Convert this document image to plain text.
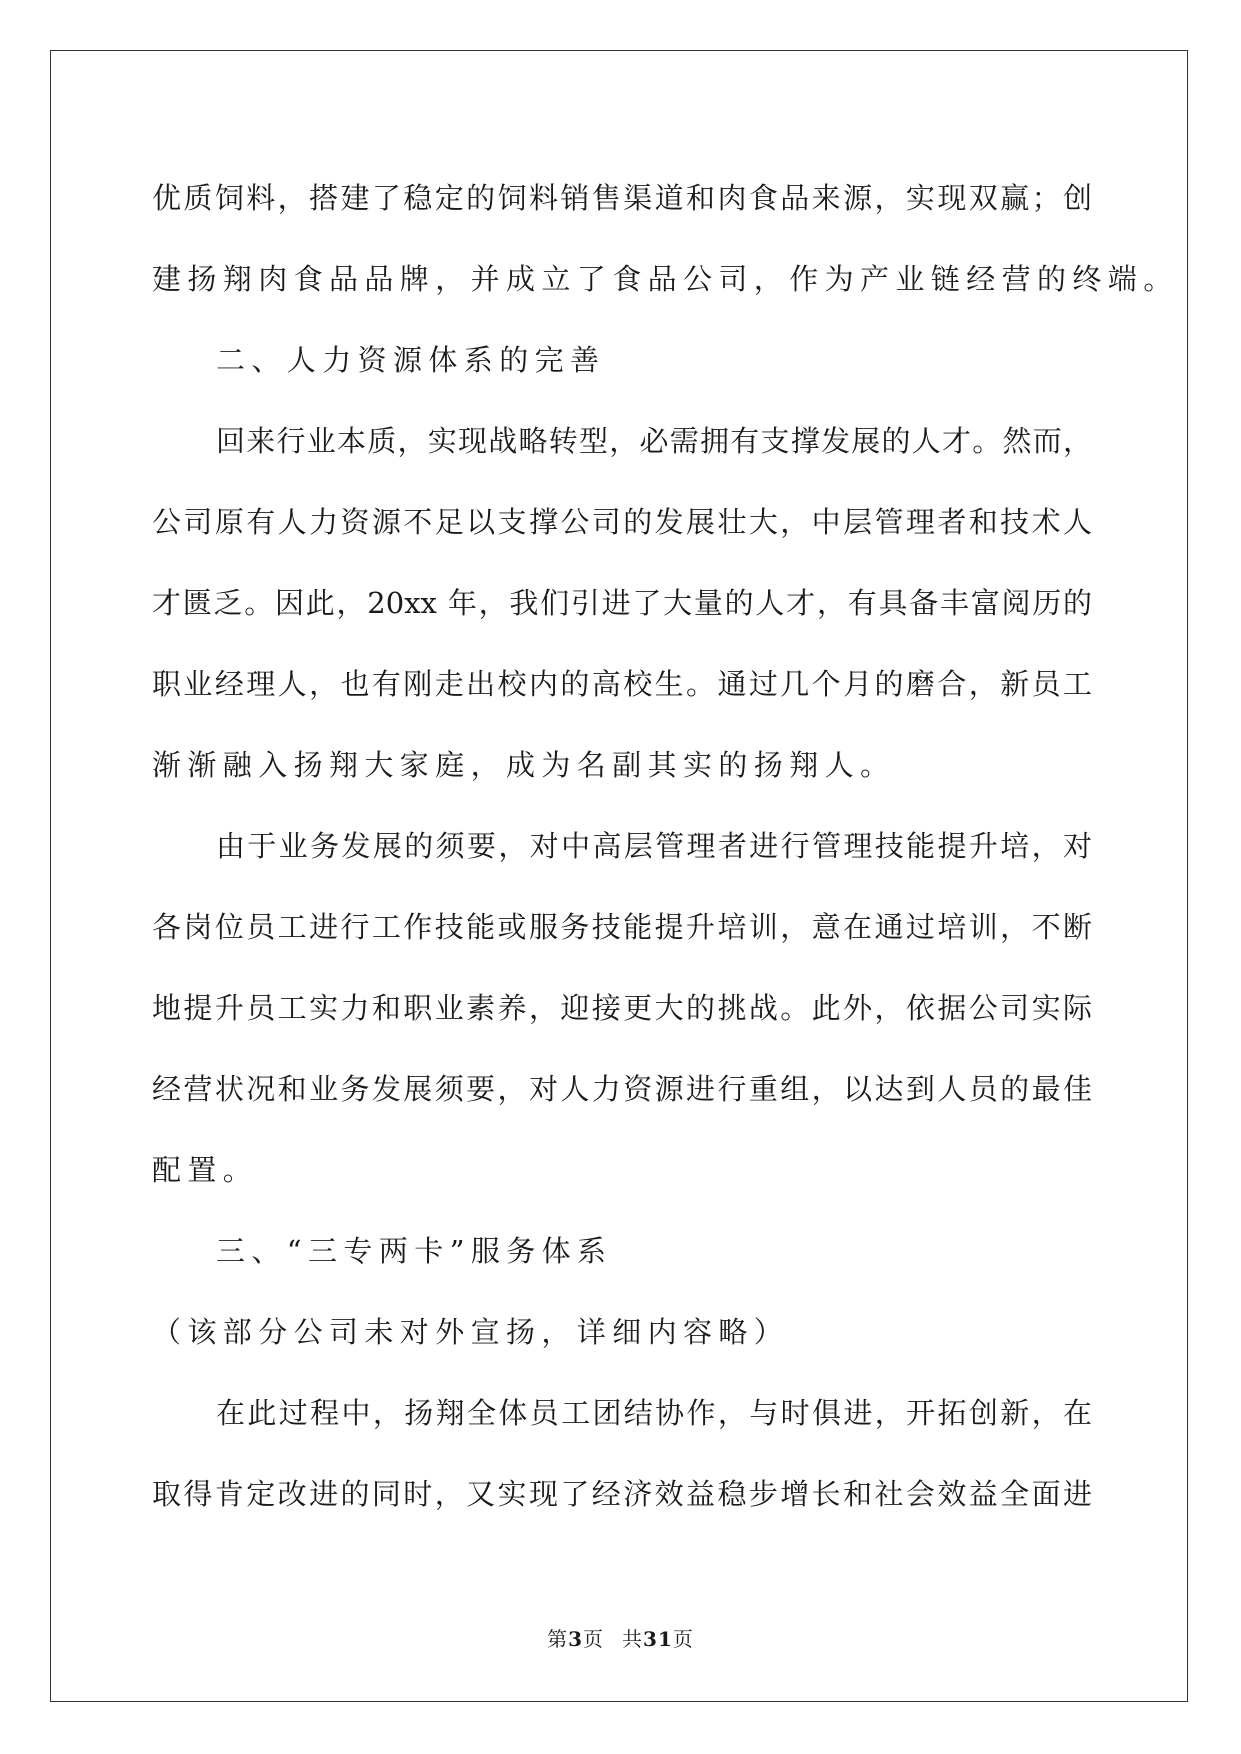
优质饲料，搭建了稳定的饲料销售渠道和肉食品来源，实现双赢；创
建扬翔肉食品品牌，并成立了食品公司，作为产业链经营的终端。
二、人力资源体系的完善
回来行业本质，实现战略转型，必需拥有支撑发展的人才。然而，
公司原有人力资源不足以支撑公司的发展壮大，中层管理者和技术人
才匮乏。因此，20xx 年，我们引进了大量的人才，有具备丰富阅历的
职业经理人，也有刚走出校内的高校生。通过几个月的磨合，新员工
渐渐融入扬翔大家庭，成为名副其实的扬翔人。
由于业务发展的须要，对中高层管理者进行管理技能提升培，对
各岗位员工进行工作技能或服务技能提升培训，意在通过培训，不断
地提升员工实力和职业素养，迎接更大的挑战。此外，依据公司实际
经营状况和业务发展须要，对人力资源进行重组，以达到人员的最佳
配置。
三、“三专两卡”服务体系
（该部分公司未对外宣扬，详细内容略）
在此过程中，扬翔全体员工团结协作，与时俱进，开拓创新，在
取得肯定改进的同时，又实现了经济效益稳步增长和社会效益全面进
第3页 共31页
